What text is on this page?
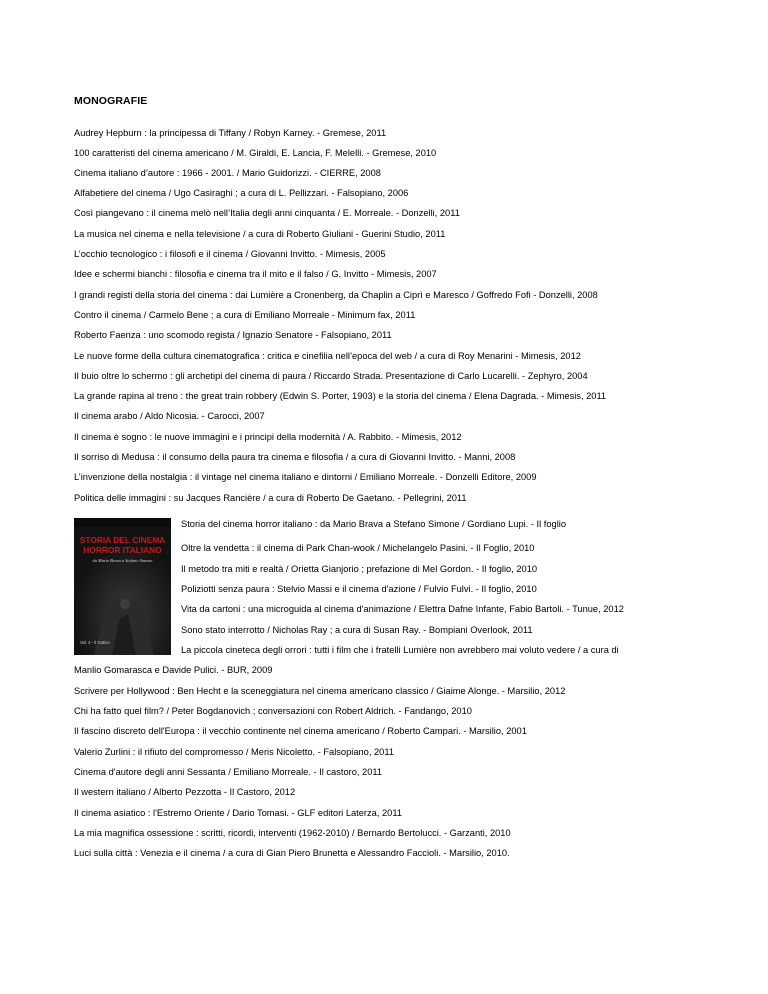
MONOGRAFIE
Audrey Hepburn : la principessa di Tiffany / Robyn Karney. - Gremese, 2011
100 caratteristi del cinema americano / M. Giraldi, E. Lancia, F. Melelli. - Gremese, 2010
Cinema italiano d’autore : 1966 - 2001. / Mario Guidorizzi. - CIERRE, 2008
Alfabetiere del cinema / Ugo Casiraghi ; a cura di L. Pellizzari. - Falsopiano, 2006
Così piangevano : il cinema melò nell’Italia degli anni cinquanta / E. Morreale. - Donzelli, 2011
La musica nel cinema e nella televisione / a cura di Roberto Giuliani - Guerini Studio, 2011
L’occhio tecnologico : i filosofi e il cinema / Giovanni Invitto. - Mimesis, 2005
Idee e schermi bianchi : filosofia e cinema tra il mito e il falso / G. Invitto - Mimesis, 2007
I grandi registi della storia del cinema : dai Lumière a Cronenberg, da Chaplin a Ciprì e Maresco / Goffredo Fofi - Donzelli, 2008
Contro il cinema / Carmelo Bene ; a cura di Emiliano Morreale - Minimum fax, 2011
Roberto Faenza : uno scomodo regista / Ignazio Senatore - Falsopiano, 2011
Le nuove forme della cultura cinematografica : critica e cinefilia nell’epoca del web / a cura di Roy Menarini - Mimesis, 2012
Il buio oltre lo schermo : gli archetipi del cinema di paura / Riccardo Strada. Presentazione di Carlo Lucarelli. - Zephyro, 2004
La grande rapina al treno : the great train robbery (Edwin S. Porter, 1903) e la storia del cinema / Elena Dagrada. - Mimesis, 2011
Il cinema arabo / Aldo Nicosia. - Carocci, 2007
Il cinema è sogno : le nuove immagini e i principi della modernità / A. Rabbito. - Mimesis, 2012
Il sorriso di Medusa : il consumo della paura tra cinema e filosofia / a cura di Giovanni Invitto. - Manni, 2008
L’invenzione della nostalgia : il vintage nel cinema italiano e dintorni / Emiliano Morreale. - Donzelli Editore, 2009
Politica delle immagini : su Jacques Rancière / a cura di Roberto De Gaetano. - Pellegrini, 2011
STORIA DEL CINEMA
HORROR ITALIANO
da Mario Brava a Stefano Simone
Vol. 3 - Il Gotico
Storia del cinema horror italiano : da Mario Brava a Stefano Simone / Gordiano Lupi. - Il foglio
Oltre la vendetta : il cinema di Park Chan-wook / Michelangelo Pasini. - Il Foglio, 2010
Il metodo tra miti e realtà / Orietta Gianjorio ; prefazione di Mel Gordon. - Il foglio, 2010
Poliziotti senza paura : Stelvio Massi e il cinema d'azione / Fulvio Fulvi. - Il foglio, 2010
Vita da cartoni : una microguida al cinema d'animazione / Elettra Dafne Infante, Fabio Bartoli. - Tunue, 2012
Sono stato interrotto / Nicholas Ray ; a cura di Susan Ray. - Bompiani Overlook, 2011
La piccola cineteca degli orrori : tutti i film che i fratelli Lumière non avrebbero mai voluto vedere / a cura di
Manlio Gomarasca e Davide Pulici. - BUR, 2009
Scrivere per Hollywood : Ben Hecht e la sceneggiatura nel cinema americano classico / Giaime Alonge. - Marsilio, 2012
Chi ha fatto quel film? / Peter Bogdanovich ; conversazioni con Robert Aldrich. - Fandango, 2010
Il fascino discreto dell'Europa : il vecchio continente nel cinema americano / Roberto Campari. - Marsilio, 2001
Valerio Zurlini : il rifiuto del compromesso / Meris Nicoletto. - Falsopiano, 2011
Cinema d'autore degli anni Sessanta / Emiliano Morreale. - Il castoro, 2011
Il western italiano / Alberto Pezzotta - Il Castoro, 2012
Il cinema asiatico : l'Estremo Oriente / Dario Tomasi. - GLF editori Laterza, 2011
La mia magnifica ossessione : scritti, ricordi, interventi (1962-2010) / Bernardo Bertolucci. - Garzanti, 2010
Luci sulla città : Venezia e il cinema / a cura di Gian Piero Brunetta e Alessandro Faccioli. - Marsilio, 2010.
